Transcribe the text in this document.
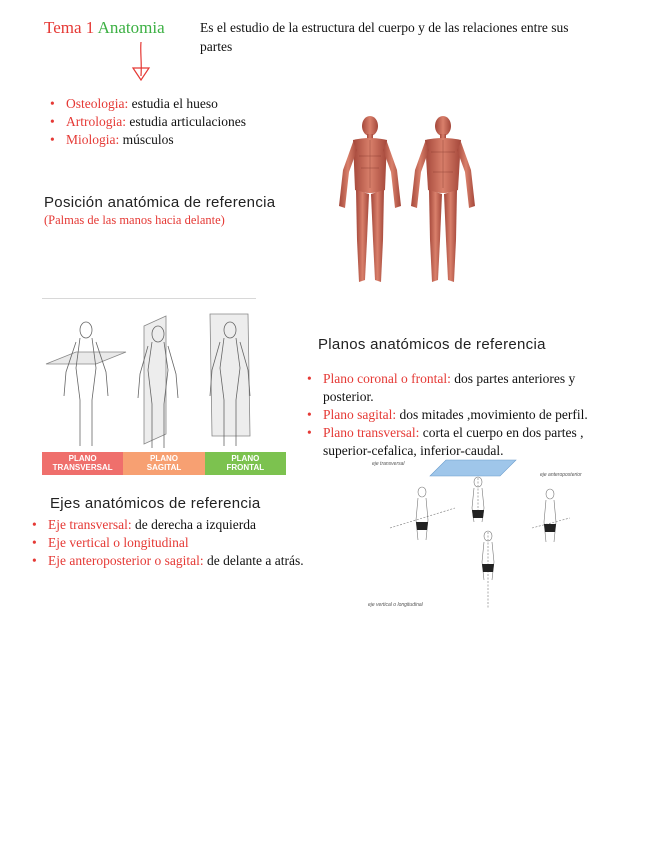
Tema 1 Anatomia	Es el estudio de la estructura del cuerpo y de las relaciones entre sus partes
• Osteologia: estudia el hueso
• Artrologia: estudia articulaciones
• Miologia: músculos
Posición anatómica de referencia
(Palmas de las manos hacia delante)
PLANO
TRANSVERSAL
PLANO
SAGITAL
PLANO
FRONTAL
Planos anatómicos de referencia
• Plano coronal o frontal: dos partes anteriores y posterior.
• Plano sagital: dos mitades ,movimiento de perfil.
• Plano transversal: corta el cuerpo en dos partes , superior-cefalica, inferior-caudal.
Ejes anatómicos de referencia
• Eje transversal: de derecha a izquierda
• Eje vertical o longitudinal
• Eje anteroposterior o sagital: de delante a atrás.
eje transversal
eje anteroposterior
eje vertical o longitudinal
